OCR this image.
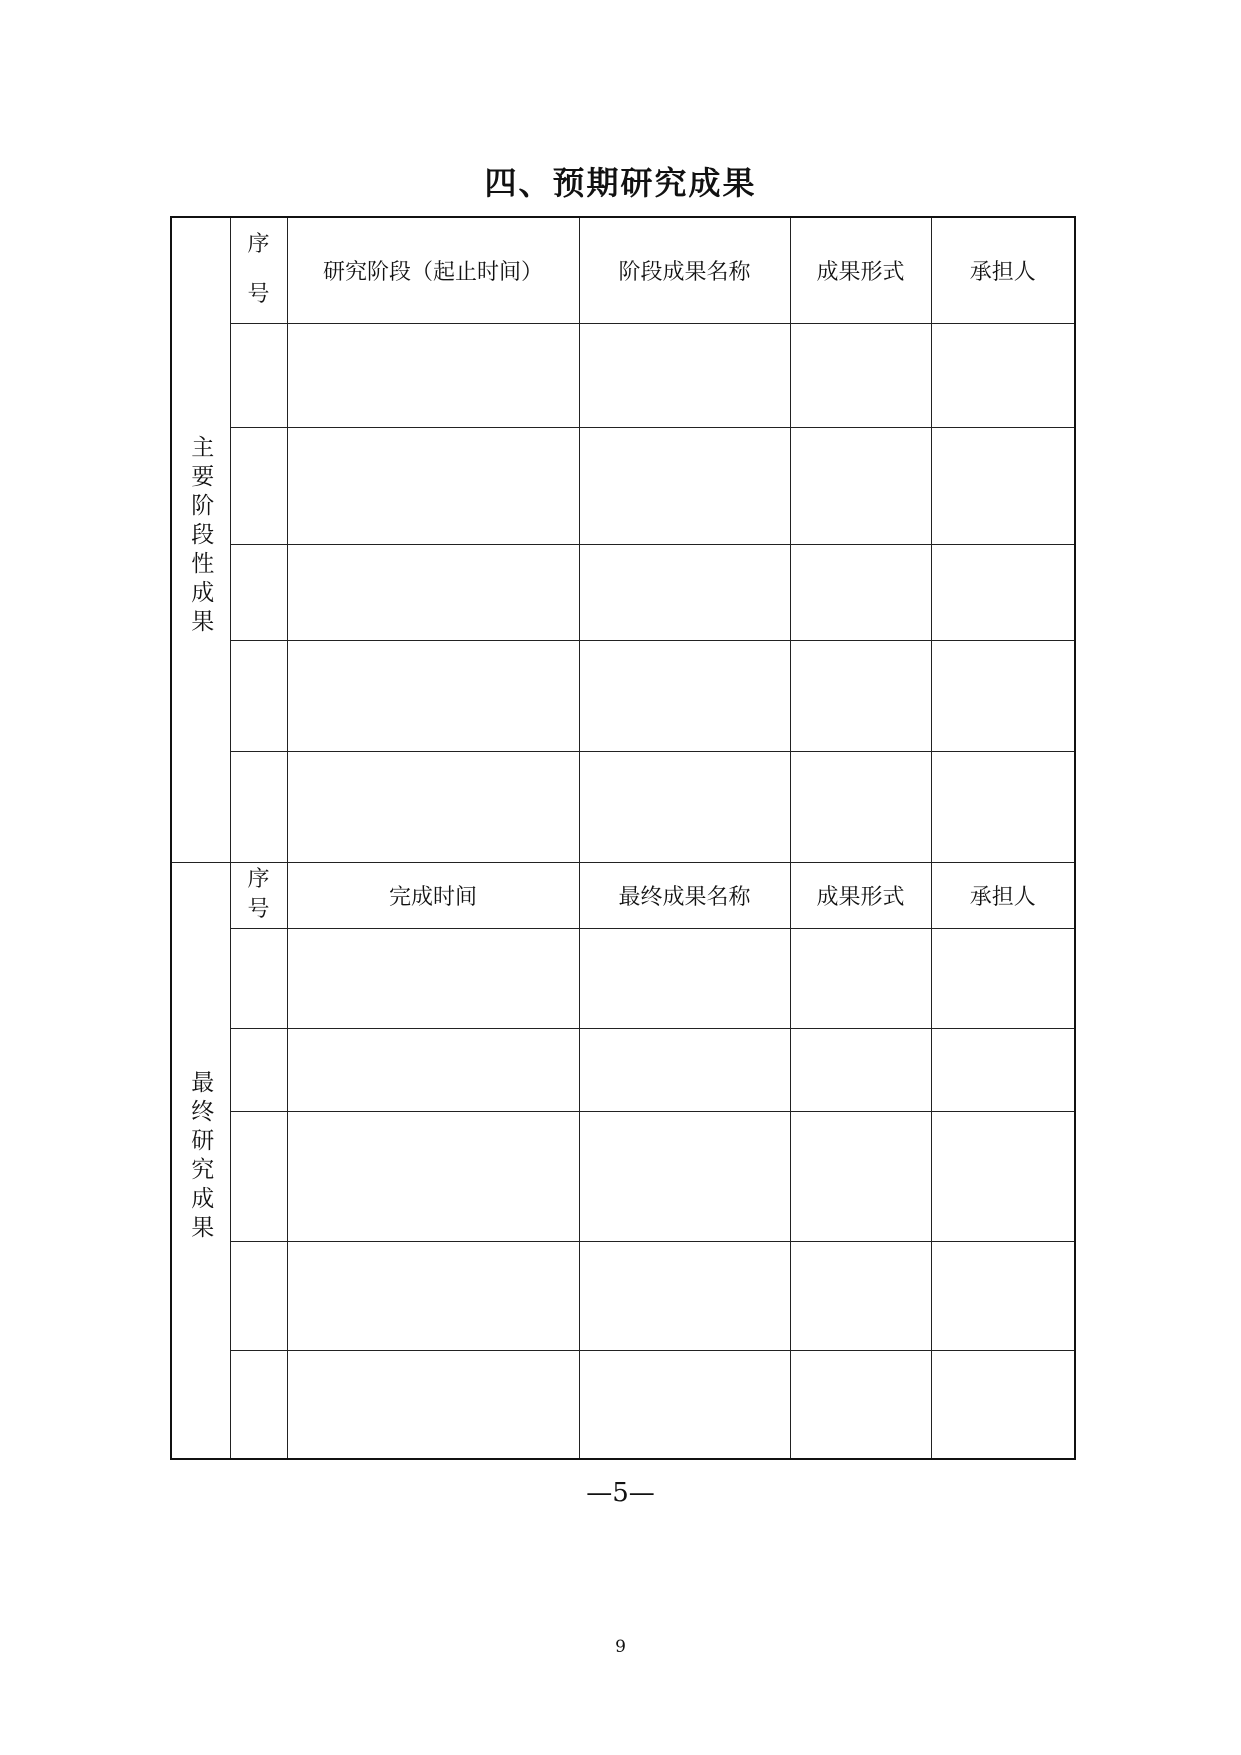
四、预期研究成果
主要阶段性成果	序号	研究阶段（起止时间）	阶段成果名称	成果形式	承担人

最终研究成果	序号	完成时间	最终成果名称	成果形式	承担人

—5—
9
